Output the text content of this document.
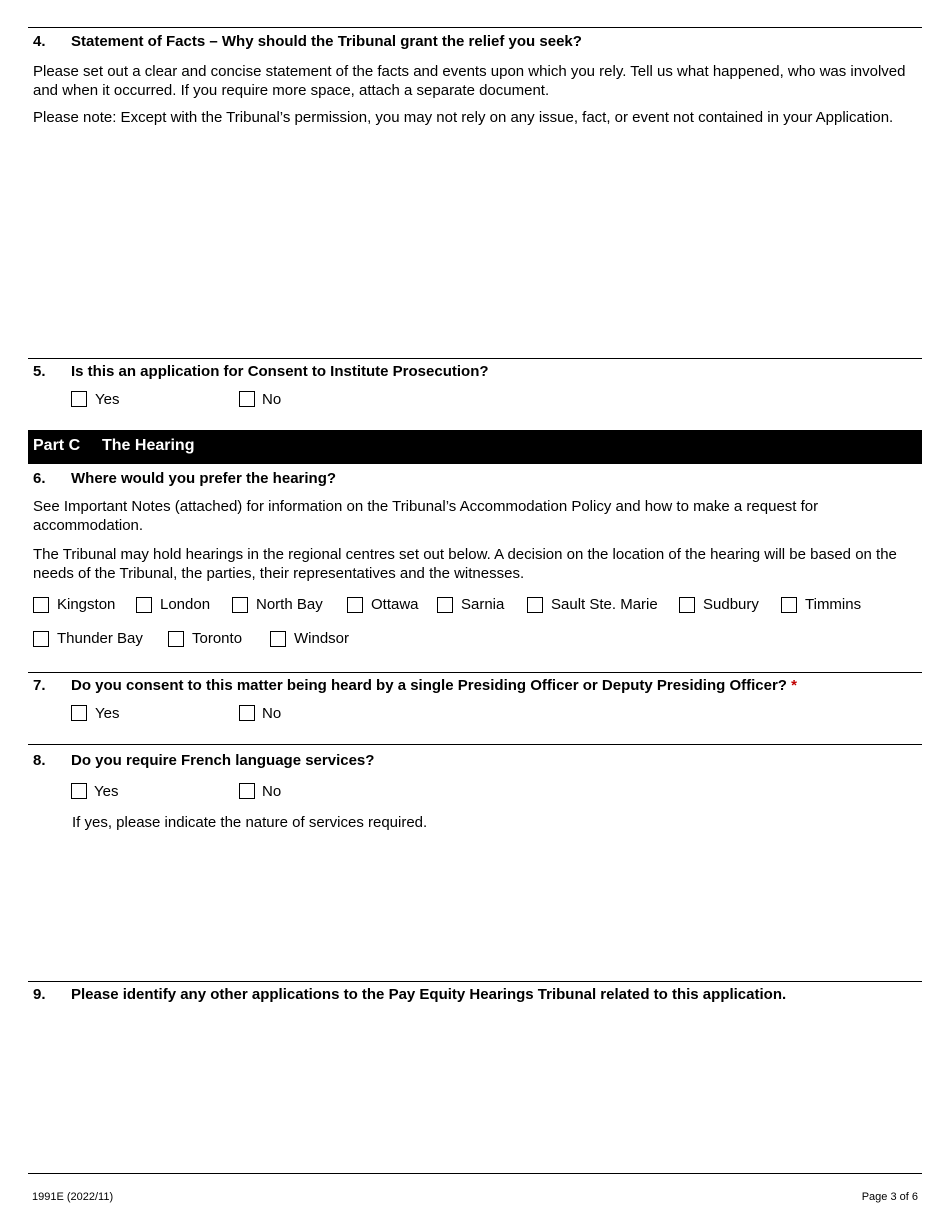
4. Statement of Facts – Why should the Tribunal grant the relief you seek?
Please set out a clear and concise statement of the facts and events upon which you rely. Tell us what happened, who was involved and when it occurred. If you require more space, attach a separate document.
Please note: Except with the Tribunal’s permission, you may not rely on any issue, fact, or event not contained in your Application.
5. Is this an application for Consent to Institute Prosecution?
Yes	No
Part C The Hearing
6. Where would you prefer the hearing?
See Important Notes (attached) for information on the Tribunal’s Accommodation Policy and how to make a request for accommodation.
The Tribunal may hold hearings in the regional centres set out below. A decision on the location of the hearing will be based on the needs of the Tribunal, the parties, their representatives and the witnesses.
Kingston	London	North Bay	Ottawa	Sarnia	Sault Ste. Marie	Sudbury	Timmins
Thunder Bay	Toronto	Windsor
7. Do you consent to this matter being heard by a single Presiding Officer or Deputy Presiding Officer? *
Yes	No
8. Do you require French language services?
Yes	No
If yes, please indicate the nature of services required.
9. Please identify any other applications to the Pay Equity Hearings Tribunal related to this application.
1991E (2022/11)	Page 3 of 6
